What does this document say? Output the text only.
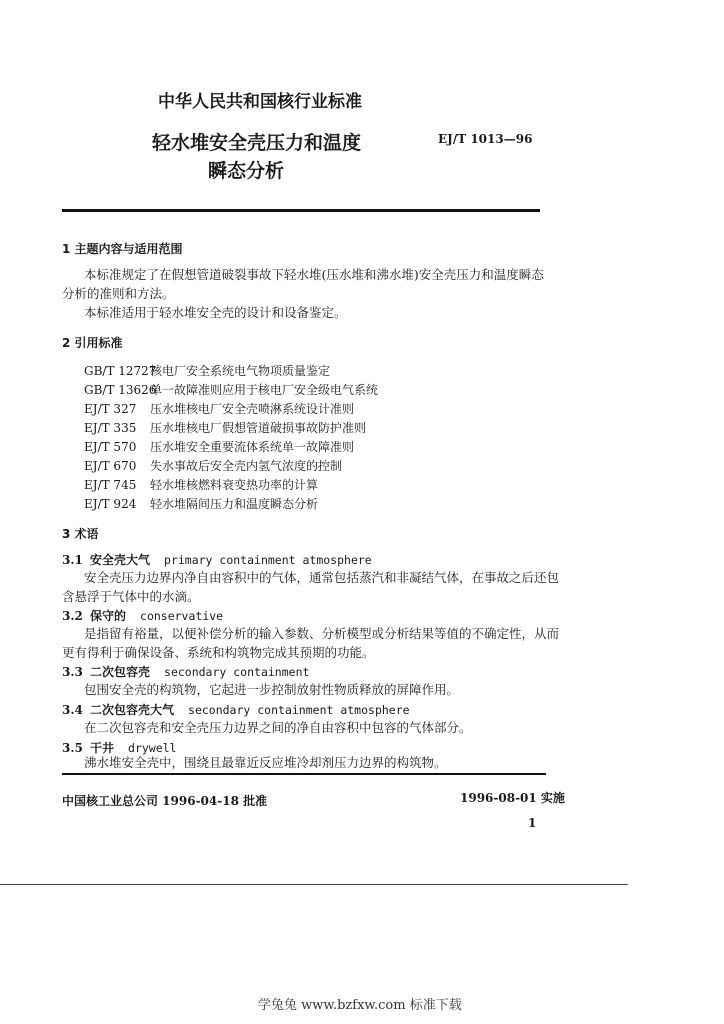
中华人民共和国核行业标准
轻水堆安全壳压力和温度
瞬态分析
EJ/T 1013—96
1 主题内容与适用范围
本标准规定了在假想管道破裂事故下轻水堆(压水堆和沸水堆)安全壳压力和温度瞬态
分析的准则和方法。
本标准适用于轻水堆安全壳的设计和设备鉴定。
2 引用标准
GB/T 12727核电厂安全系统电气物项质量鉴定
GB/T 13626单一故障准则应用于核电厂安全级电气系统
EJ/T 327 压水堆核电厂安全壳喷淋系统设计准则
EJ/T 335 压水堆核电厂假想管道破损事故防护准则
EJ/T 570 压水堆安全重要流体系统单一故障准则
EJ/T 670 失水事故后安全壳内氢气浓度的控制
EJ/T 745 轻水堆核燃料衰变热功率的计算
EJ/T 924 轻水堆隔间压力和温度瞬态分析
3 术语
3.1 安全壳大气 primary containment atmosphere
安全壳压力边界内净自由容积中的气体，通常包括蒸汽和非凝结气体，在事故之后还包
含悬浮于气体中的水滴。
3.2 保守的 conservative
是指留有裕量，以便补偿分析的输入参数、分析模型或分析结果等值的不确定性，从而
更有得利于确保设备、系统和构筑物完成其预期的功能。
3.3 二次包容壳 secondary containment
包围安全壳的构筑物，它起进一步控制放射性物质释放的屏障作用。
3.4 二次包容壳大气 secondary containment atmosphere
在二次包容壳和安全壳压力边界之间的净自由容积中包容的气体部分。
3.5 干井 drywell
沸水堆安全壳中，围绕且最靠近反应堆冷却剂压力边界的构筑物。
中国核工业总公司 1996-04-18 批准	1996-08-01 实施
1
学兔兔 www.bzfxw.com 标准下载
